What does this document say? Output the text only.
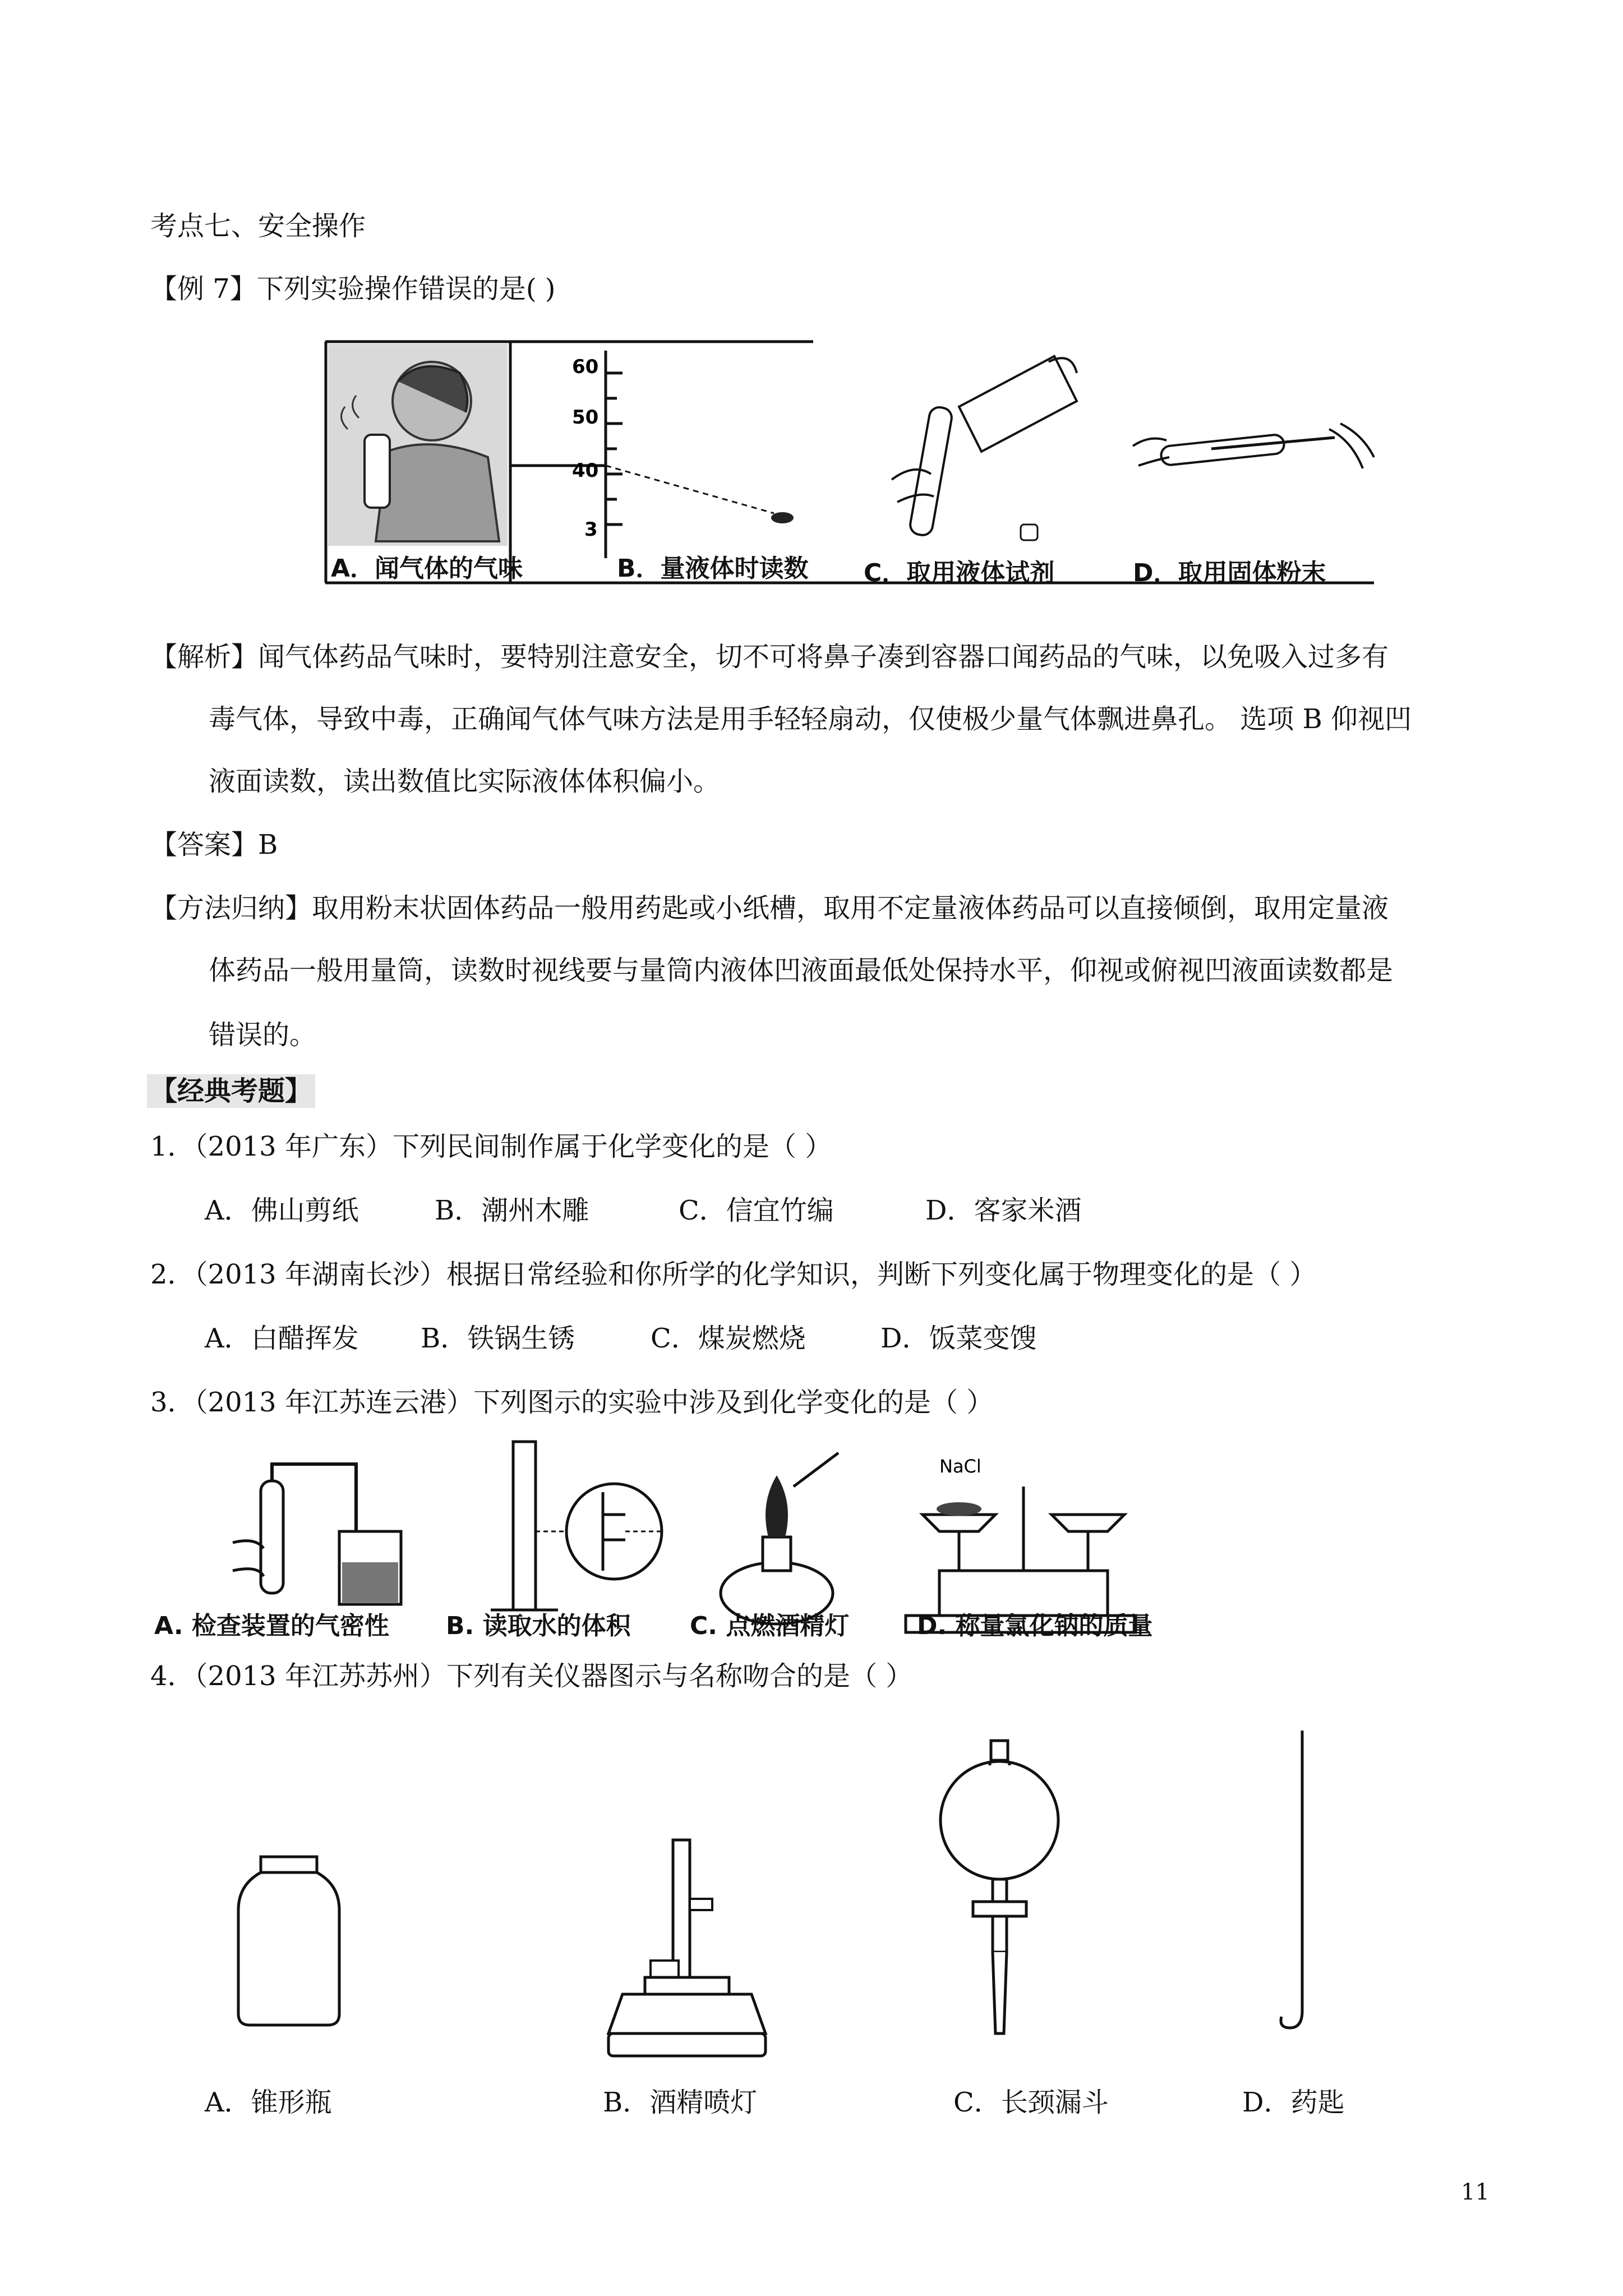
考点七、安全操作
【例 7】下列实验操作错误的是( )
60
50
40
3
A．闻气体的气味	B．量液体时读数 C．取用液体试剂	D．取用固体粉末
【解析】闻气体药品气味时，要特别注意安全，切不可将鼻子凑到容器口闻药品的气味，以免吸入过多有
毒气体，导致中毒，正确闻气体气味方法是用手轻轻扇动，仅使极少量气体飘进鼻孔。 选项 B 仰视凹
液面读数，读出数值比实际液体体积偏小。
【答案】B
【方法归纳】取用粉末状固体药品一般用药匙或小纸槽，取用不定量液体药品可以直接倾倒，取用定量液
体药品一般用量筒，读数时视线要与量筒内液体凹液面最低处保持水平，仰视或俯视凹液面读数都是
错误的。
【经典考题】
1．（2013 年广东）下列民间制作属于化学变化的是（ ）
A．佛山剪纸	B．潮州木雕	C．信宜竹编	D．客家米酒
2．（2013 年湖南长沙）根据日常经验和你所学的化学知识，判断下列变化属于物理变化的是（ ）
A．白醋挥发 B．铁锅生锈	C．煤炭燃烧	D．饭菜变馊
3．（2013 年江苏连云港）下列图示的实验中涉及到化学变化的是（ ）
NaCl
A. 检查装置的气密性 B. 读取水的体积 C. 点燃酒精灯	D. 称量氯化钠的质量
4．（2013 年江苏苏州）下列有关仪器图示与名称吻合的是（ ）
A．锥形瓶	B．酒精喷灯	C．长颈漏斗	D．药匙
11
